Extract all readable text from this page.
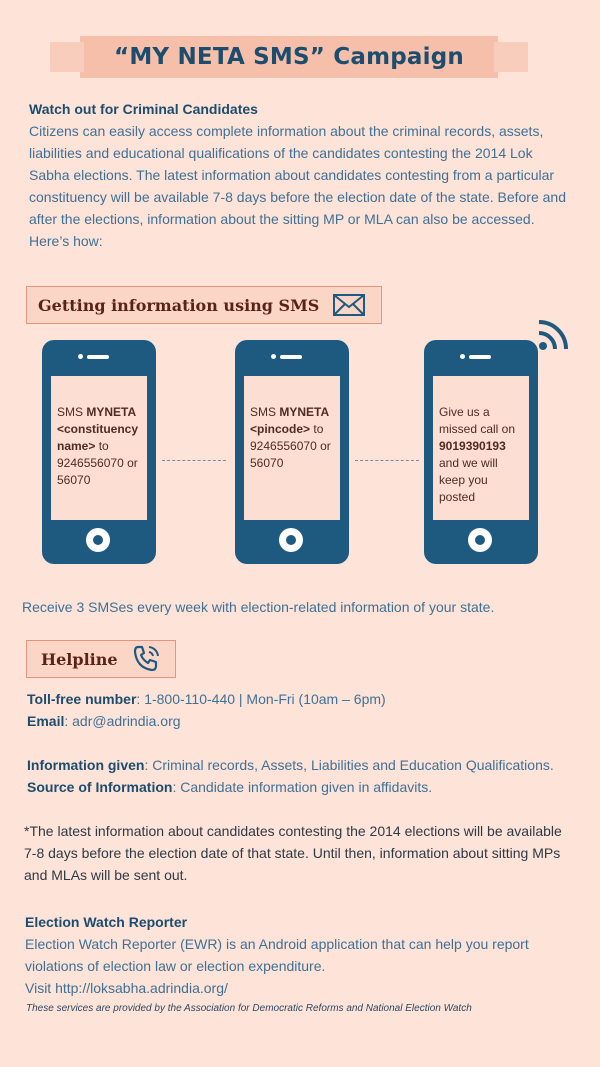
“MY NETA SMS” Campaign
Watch out for Criminal Candidates

Citizens can easily access complete information about the criminal records, assets, liabilities and educational qualifications of the candidates contesting the 2014 Lok Sabha elections. The latest information about candidates contesting from a particular constituency will be available 7-8 days before the election date of the state. Before and after the elections, information about the sitting MP or MLA can also be accessed. Here’s how:

Getting information using SMS
SMS MYNETA <constituency name> to 9246556070 or 56070
SMS MYNETA <pincode> to 9246556070 or 56070
Give us a missed call on 9019390193 and we will keep you posted

Receive 3 SMSes every week with election-related information of your state.

Helpline
Toll-free number: 1-800-110-440 | Mon-Fri (10am – 6pm)
Email: adr@adrindia.org
Information given: Criminal records, Assets, Liabilities and Education Qualifications.
Source of Information: Candidate information given in affidavits.

*The latest information about candidates contesting the 2014 elections will be available 7-8 days before the election date of that state. Until then, information about sitting MPs and MLAs will be sent out.

Election Watch Reporter

Election Watch Reporter (EWR) is an Android application that can help you report violations of election law or election expenditure.

Visit http://loksabha.adrindia.org/

These services are provided by the Association for Democratic Reforms and National Election Watch
